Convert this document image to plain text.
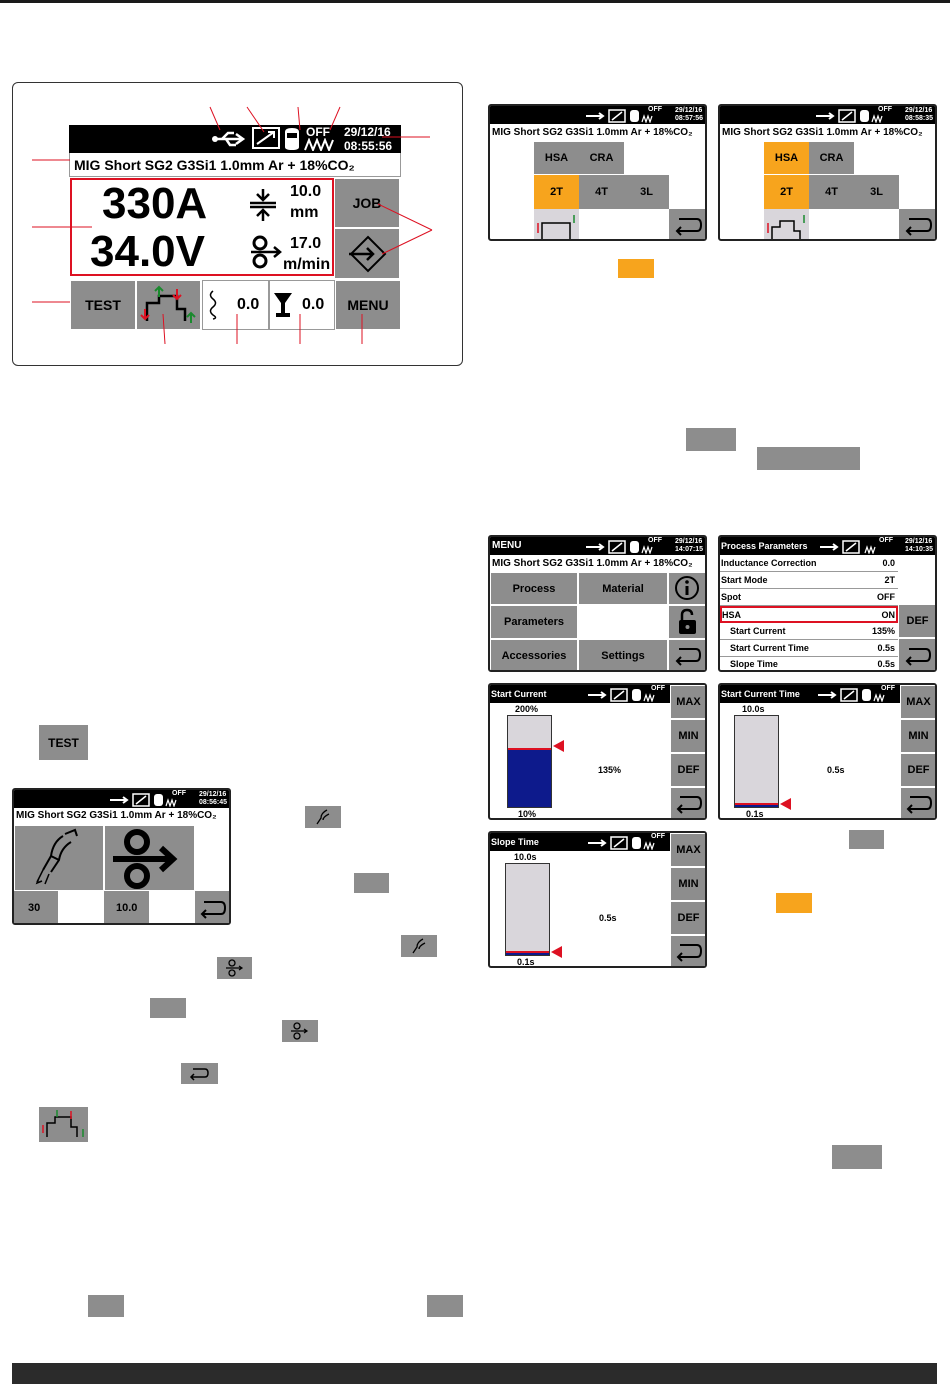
OFF 29/12/16
08:55:56
MIG Short SG2 G3Si1 1.0mm Ar + 18%CO₂
330A
34.0V
10.0
mm
17.0
m/min
JOB
TEST	0.0	0.0	MENU
OFF 29/12/16
08:57:56
MIG Short SG2 G3Si1 1.0mm Ar + 18%CO₂
HSA	CRA
2T	4T	3L
OFF 29/12/16
08:58:35
MIG Short SG2 G3Si1 1.0mm Ar + 18%CO₂
HSA	CRA
2T	4T	3L
MENU	OFF 29/12/16
14:07:15
MIG Short SG2 G3Si1 1.0mm Ar + 18%CO₂
Process	Material
Parameters
Accessories	Settings
Process Parameters
OFF 29/12/16
14:10:35
Inductance Correction	0.0
Start Mode	2T
Spot	OFF
HSA	ON
Start Current	135%
Start Current Time	0.5s
Slope Time	0.5s
DEF
Start Current
OFF
200%
10%
135%
MAX
MIN
DEF
Start Current Time
OFF
10.0s
0.1s
0.5s
MAX
MIN
DEF
Slope Time
OFF
10.0s
0.1s
0.5s
MAX
MIN
DEF
TEST
OFF 29/12/16
08:56:45
MIG Short SG2 G3Si1 1.0mm Ar + 18%CO₂
30	10.0
